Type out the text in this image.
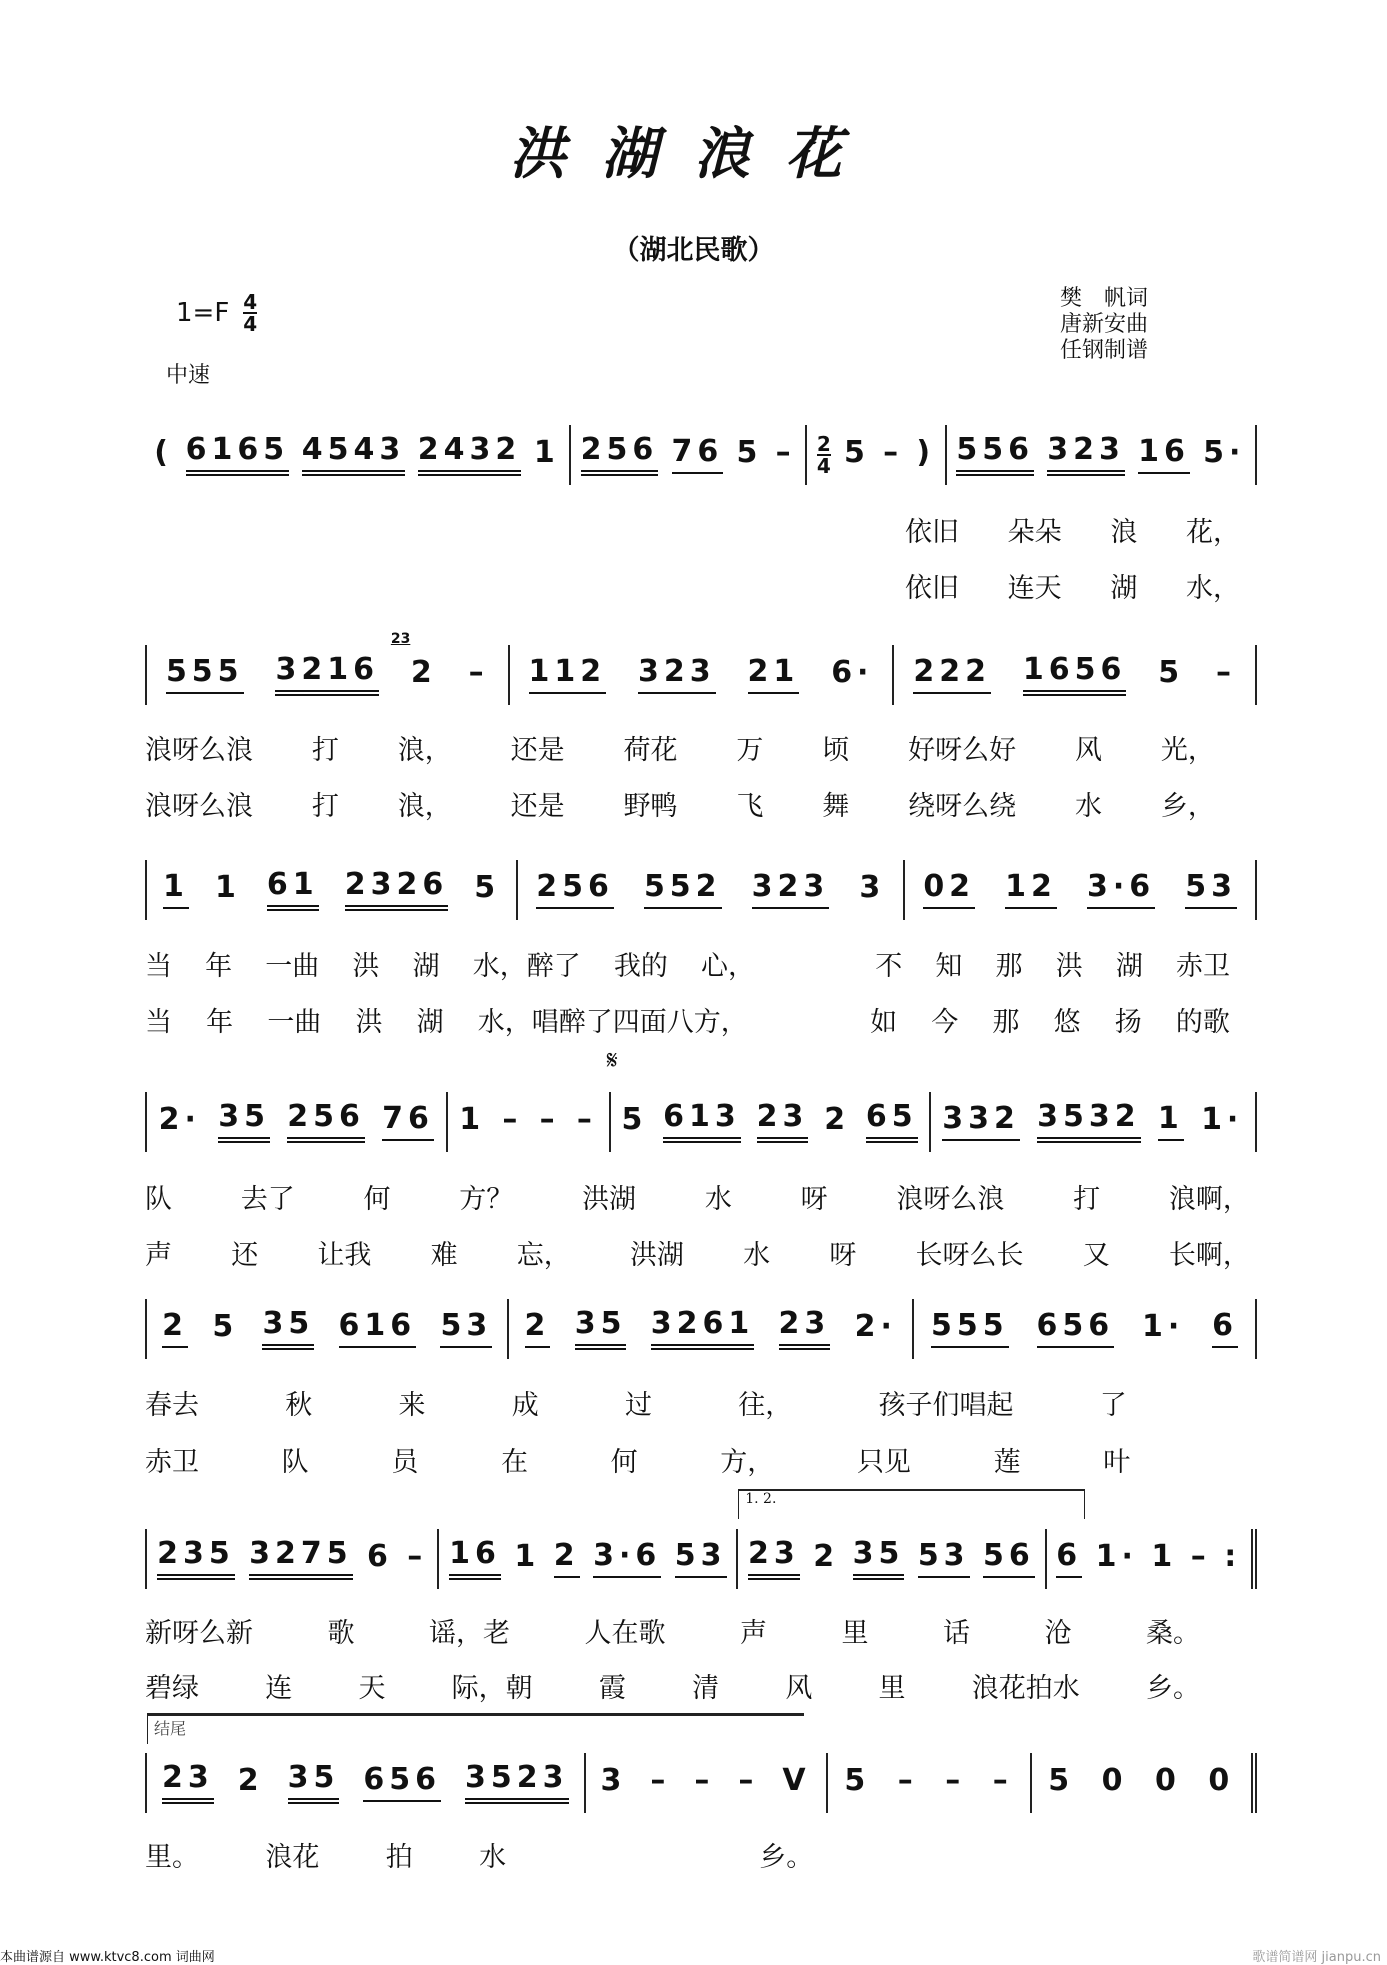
洪湖浪花
（湖北民歌）
$1=F \frac{4}{4}$
中速
樊　帆词
唐新安曲
任钢制谱
( 6165 4543 2432 1 256 76 $5 - \frac{2}{4} 5$ – ) 556 323 16 5·
依旧 朵朵 浪 花，
依旧 连天 湖 水，
555 3216 2
23
– 112 323 21 6· 222 1656 5 –
浪呀么浪 打 浪， 还是 荷花 万 顷 好呀么好 风 光，
浪呀么浪 打 浪， 还是 野鸭 飞 舞 绕呀么绕 水 乡，
1 1 61 2326 5 256 552 323 3 02 12 3·6 53
当 年 一曲 洪 湖 水，醉了 我的 心，
　　	不 知 那 洪 湖 赤卫
当 年 一曲 洪 湖 水，唱醉了四面八方，
　　	如 今 那 悠 扬 的歌
2· 35 256 76 1 – – –
𝄋
5 613 23 2 65 332 3532 1 1·
队	去了	何	方？	洪湖	水	呀	浪呀么浪	打	浪啊，
声 还 让我 难 忘， 洪湖 水 呀 长呀么长 又 长啊，
2 5 35 616 53 2 35 3261 23 2· 555 656 1· 6
春去	秋	来	成	过	往，	孩子们唱起	了

赤卫	队	员	在	何	方，	只见	莲	叶

235 3275 6 – 16 1 2 3·6 53
1. 2.
23 2 35 53 56 6 1· 1 – :
新呀么新	歌	谣，老	人在歌	声	里	话	沧	桑。
碧绿 连 天 际，朝 霞 清 风 里 浪花拍水 乡。
结尾
23 2 35 656 3523 3 – – – V 5 – – – 5 0 0 0
里。 浪花 拍 水

　	乡。

本曲谱源自 www.ktvc8.com 词曲网	歌谱简谱网 jianpu.cn
